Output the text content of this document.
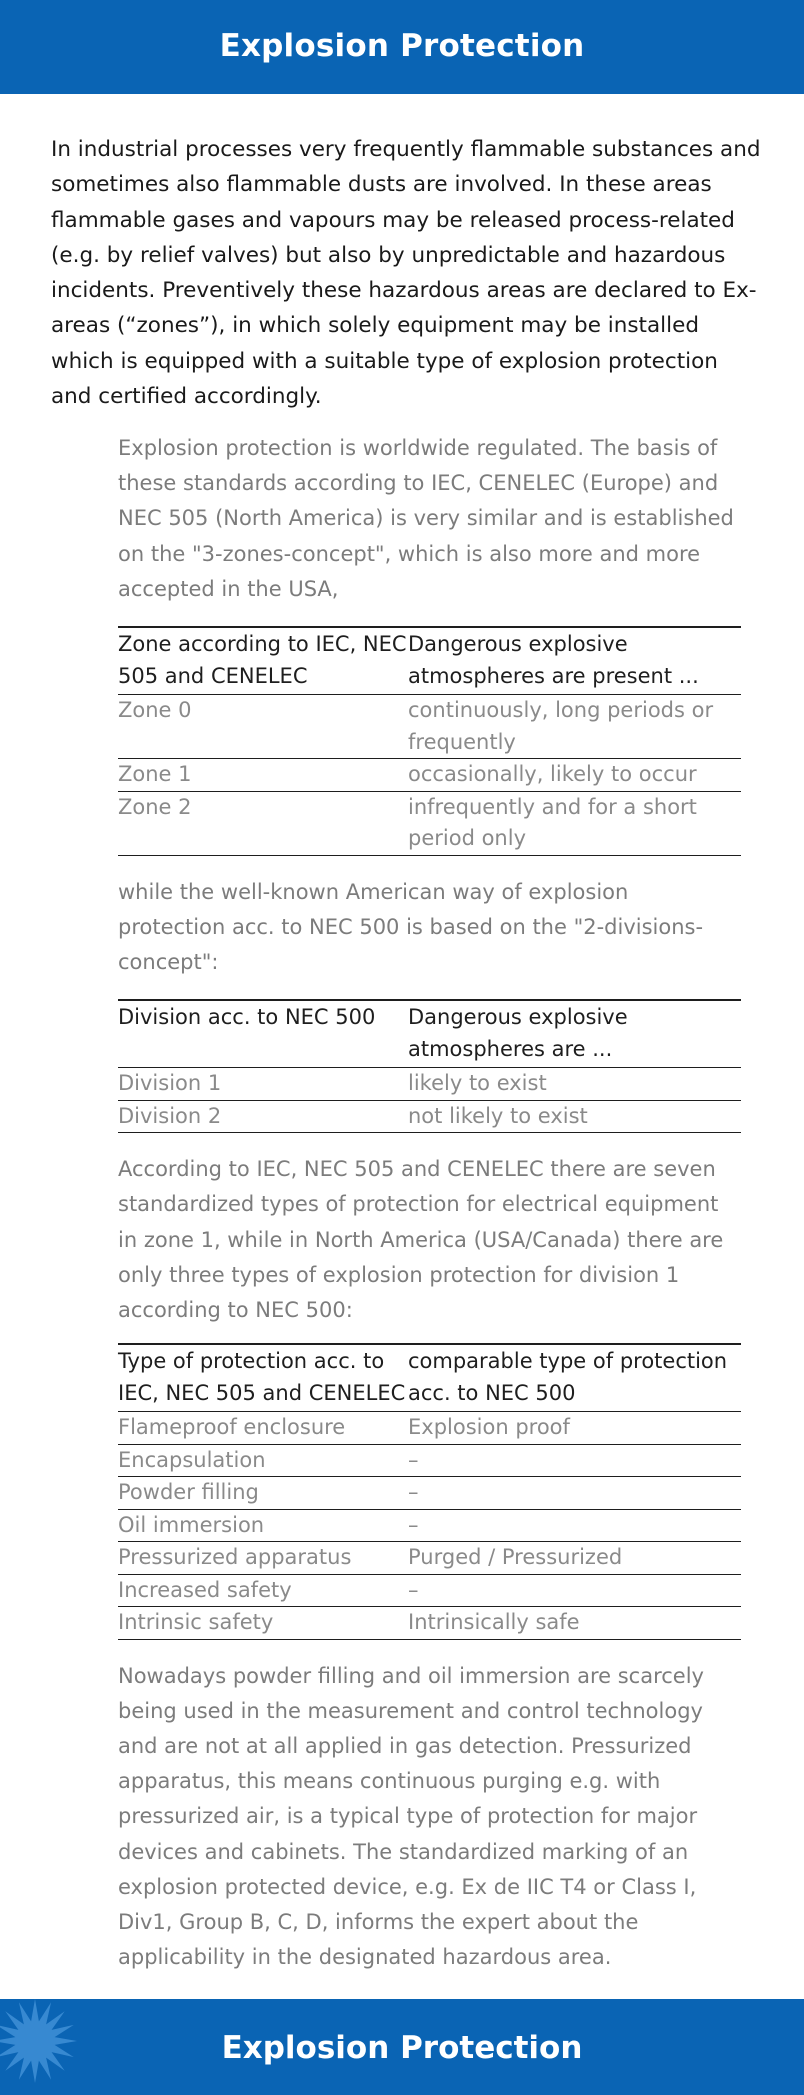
Explosion Protection

In industrial processes very frequently flammable substances and sometimes also flammable dusts are involved. In these areas flammable gases and vapours may be released process-related (e.g. by relief valves) but also by unpredictable and hazardous incidents. Preventively these hazardous areas are declared to Ex-areas (“zones”), in which solely equipment may be installed which is equipped with a suitable type of explosion protection and certified accordingly.

Explosion protection is worldwide regulated. The basis of these standards according to IEC, CENELEC (Europe) and NEC 505 (North America) is very similar and is established on the "3-zones-concept", which is also more and more accepted in the USA,

Zone according to IEC, NEC 505 and CENELEC	Dangerous explosive atmospheres are present ...
Zone 0	continuously, long periods or frequently
Zone 1	occasionally, likely to occur
Zone 2	infrequently and for a short period only

while the well-known American way of explosion protection acc. to NEC 500 is based on the "2-divisions-concept":

Division acc. to NEC 500	Dangerous explosive atmospheres are ...
Division 1	likely to exist
Division 2	not likely to exist

According to IEC, NEC 505 and CENELEC there are seven standardized types of protection for electrical equipment in zone 1, while in North America (USA/Canada) there are only three types of explosion protection for division 1 according to NEC 500:

Type of protection acc. to IEC, NEC 505 and CENELEC	comparable type of protection acc. to NEC 500
Flameproof enclosure	Explosion proof
Encapsulation	–
Powder filling	–
Oil immersion	–
Pressurized apparatus	Purged / Pressurized
Increased safety	–
Intrinsic safety	Intrinsically safe

Nowadays powder filling and oil immersion are scarcely being used in the measurement and control technology and are not at all applied in gas detection. Pressurized apparatus, this means continuous purging e.g. with pressurized air, is a typical type of protection for major devices and cabinets. The standardized marking of an explosion protected device, e.g. Ex de IIC T4 or Class I, Div1, Group B, C, D, informs the expert about the applicability in the designated hazardous area.

Explosion Protection
